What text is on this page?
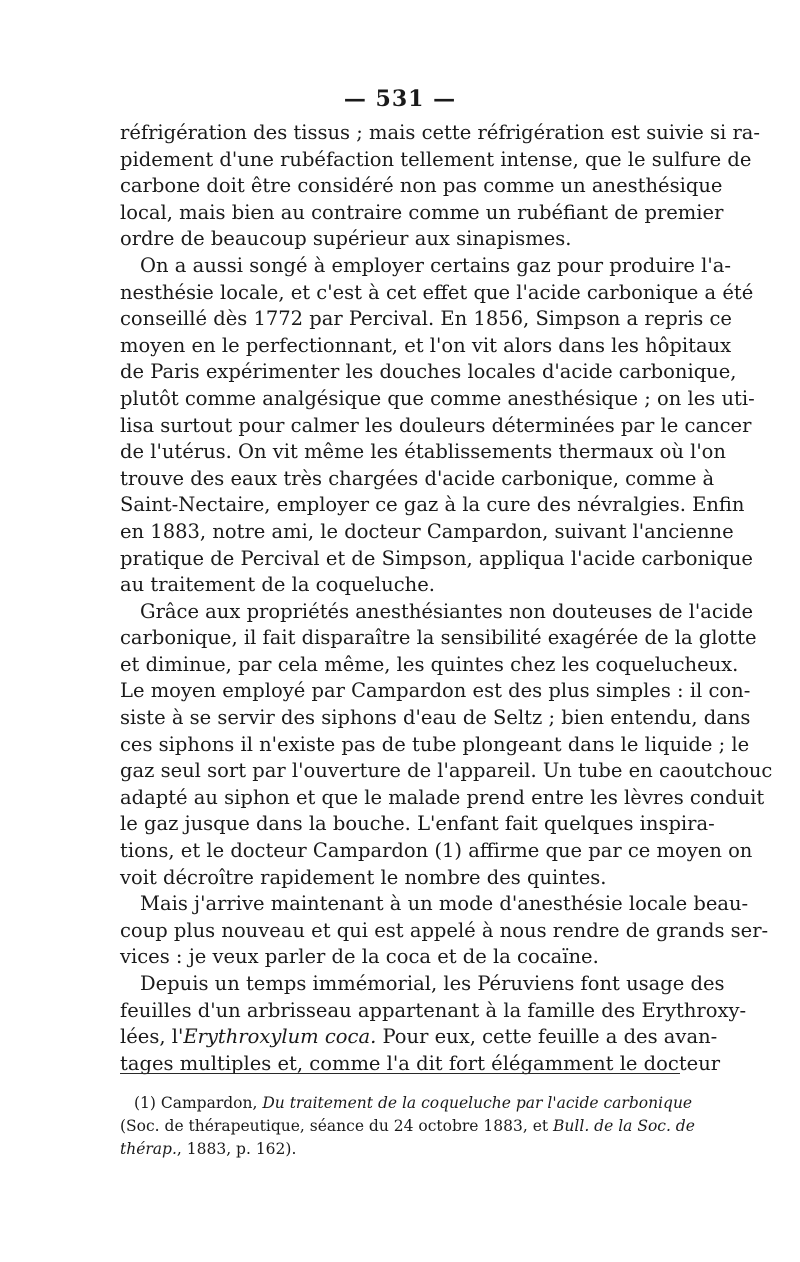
— 531 —
réfrigération des tissus ; mais cette réfrigération est suivie si ra-
pidement d'une rubéfaction tellement intense, que le sulfure de
carbone doit être considéré non pas comme un anesthésique
local, mais bien au contraire comme un rubéfiant de premier
ordre de beaucoup supérieur aux sinapismes.
On a aussi songé à employer certains gaz pour produire l'a-
nesthésie locale, et c'est à cet effet que l'acide carbonique a été
conseillé dès 1772 par Percival. En 1856, Simpson a repris ce
moyen en le perfectionnant, et l'on vit alors dans les hôpitaux
de Paris expérimenter les douches locales d'acide carbonique,
plutôt comme analgésique que comme anesthésique ; on les uti-
lisa surtout pour calmer les douleurs déterminées par le cancer
de l'utérus. On vit même les établissements thermaux où l'on
trouve des eaux très chargées d'acide carbonique, comme à
Saint-Nectaire, employer ce gaz à la cure des névralgies. Enfin
en 1883, notre ami, le docteur Campardon, suivant l'ancienne
pratique de Percival et de Simpson, appliqua l'acide carbonique
au traitement de la coqueluche.
Grâce aux propriétés anesthésiantes non douteuses de l'acide
carbonique, il fait disparaître la sensibilité exagérée de la glotte
et diminue, par cela même, les quintes chez les coquelucheux.
Le moyen employé par Campardon est des plus simples : il con-
siste à se servir des siphons d'eau de Seltz ; bien entendu, dans
ces siphons il n'existe pas de tube plongeant dans le liquide ; le
gaz seul sort par l'ouverture de l'appareil. Un tube en caoutchouc
adapté au siphon et que le malade prend entre les lèvres conduit
le gaz jusque dans la bouche. L'enfant fait quelques inspira-
tions, et le docteur Campardon (1) affirme que par ce moyen on
voit décroître rapidement le nombre des quintes.
Mais j'arrive maintenant à un mode d'anesthésie locale beau-
coup plus nouveau et qui est appelé à nous rendre de grands ser-
vices : je veux parler de la coca et de la cocaïne.
Depuis un temps immémorial, les Péruviens font usage des
feuilles d'un arbrisseau appartenant à la famille des Erythroxy-
lées, l'Erythroxylum coca. Pour eux, cette feuille a des avan-
tages multiples et, comme l'a dit fort élégamment le docteur
(1) Campardon, Du traitement de la coqueluche par l'acide carbonique
(Soc. de thérapeutique, séance du 24 octobre 1883, et Bull. de la Soc. de
thérap., 1883, p. 162).
